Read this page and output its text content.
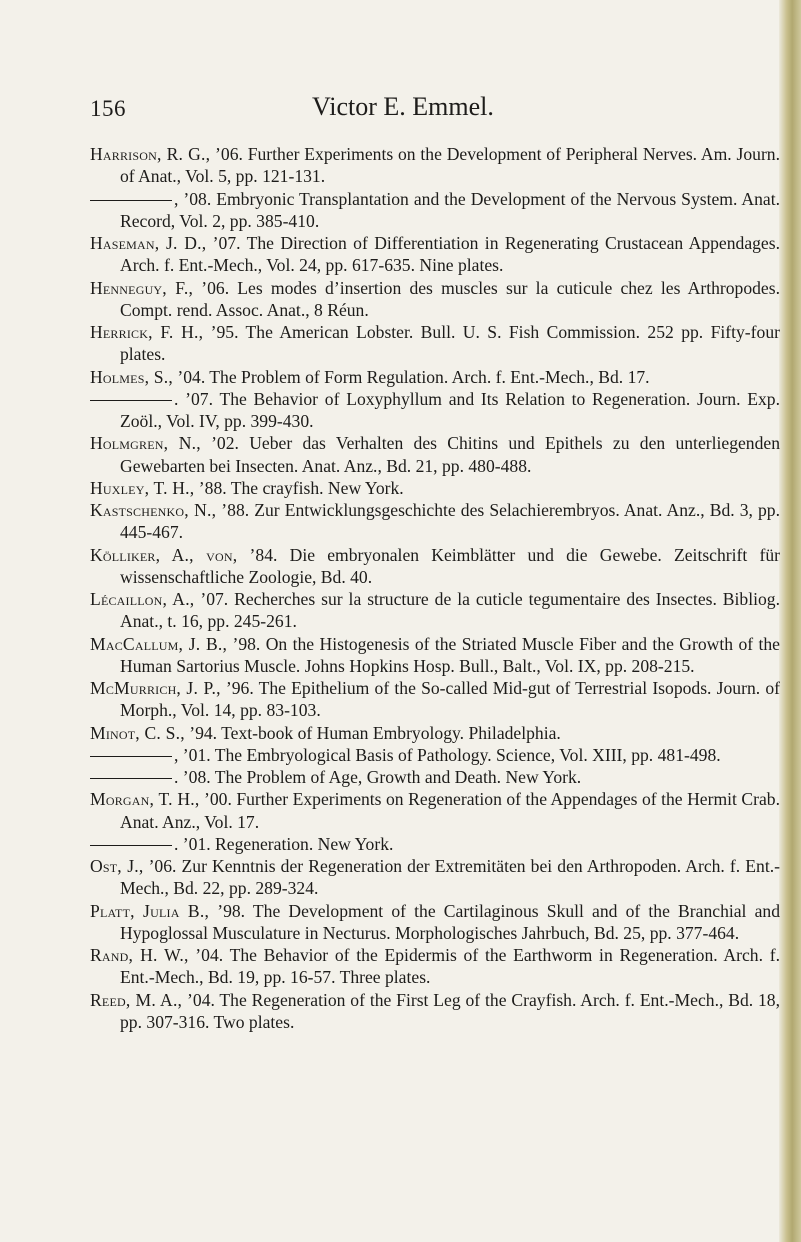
156	Victor E. Emmel.
Harrison, R. G., ’06. Further Experiments on the Development of Peripheral Nerves. Am. Journ. of Anat., Vol. 5, pp. 121-131.
, ’08. Embryonic Transplantation and the Development of the Nervous System. Anat. Record, Vol. 2, pp. 385-410.
Haseman, J. D., ’07. The Direction of Differentiation in Regenerating Crustacean Appendages. Arch. f. Ent.-Mech., Vol. 24, pp. 617-635. Nine plates.
Henneguy, F., ’06. Les modes d’insertion des muscles sur la cuticule chez les Arthropodes. Compt. rend. Assoc. Anat., 8 Réun.
Herrick, F. H., ’95. The American Lobster. Bull. U. S. Fish Commission. 252 pp. Fifty-four plates.
Holmes, S., ’04. The Problem of Form Regulation. Arch. f. Ent.-Mech., Bd. 17.
. ’07. The Behavior of Loxyphyllum and Its Relation to Regeneration. Journ. Exp. Zoöl., Vol. IV, pp. 399-430.
Holmgren, N., ’02. Ueber das Verhalten des Chitins und Epithels zu den unterliegenden Gewebarten bei Insecten. Anat. Anz., Bd. 21, pp. 480-488.
Huxley, T. H., ’88. The crayfish. New York.
Kastschenko, N., ’88. Zur Entwicklungsgeschichte des Selachierembryos. Anat. Anz., Bd. 3, pp. 445-467.
Kölliker, A., von, ’84. Die embryonalen Keimblätter und die Gewebe. Zeitschrift für wissenschaftliche Zoologie, Bd. 40.
Lécaillon, A., ’07. Recherches sur la structure de la cuticle tegumentaire des Insectes. Bibliog. Anat., t. 16, pp. 245-261.
MacCallum, J. B., ’98. On the Histogenesis of the Striated Muscle Fiber and the Growth of the Human Sartorius Muscle. Johns Hopkins Hosp. Bull., Balt., Vol. IX, pp. 208-215.
McMurrich, J. P., ’96. The Epithelium of the So-called Mid-gut of Terrestrial Isopods. Journ. of Morph., Vol. 14, pp. 83-103.
Minot, C. S., ’94. Text-book of Human Embryology. Philadelphia.
, ’01. The Embryological Basis of Pathology. Science, Vol. XIII, pp. 481-498.
. ’08. The Problem of Age, Growth and Death. New York.
Morgan, T. H., ’00. Further Experiments on Regeneration of the Appendages of the Hermit Crab. Anat. Anz., Vol. 17.
. ’01. Regeneration. New York.
Ost, J., ’06. Zur Kenntnis der Regeneration der Extremitäten bei den Arthropoden. Arch. f. Ent.-Mech., Bd. 22, pp. 289-324.
Platt, Julia B., ’98. The Development of the Cartilaginous Skull and of the Branchial and Hypoglossal Musculature in Necturus. Morphologisches Jahrbuch, Bd. 25, pp. 377-464.
Rand, H. W., ’04. The Behavior of the Epidermis of the Earthworm in Regeneration. Arch. f. Ent.-Mech., Bd. 19, pp. 16-57. Three plates.
Reed, M. A., ’04. The Regeneration of the First Leg of the Crayfish. Arch. f. Ent.-Mech., Bd. 18, pp. 307-316. Two plates.
